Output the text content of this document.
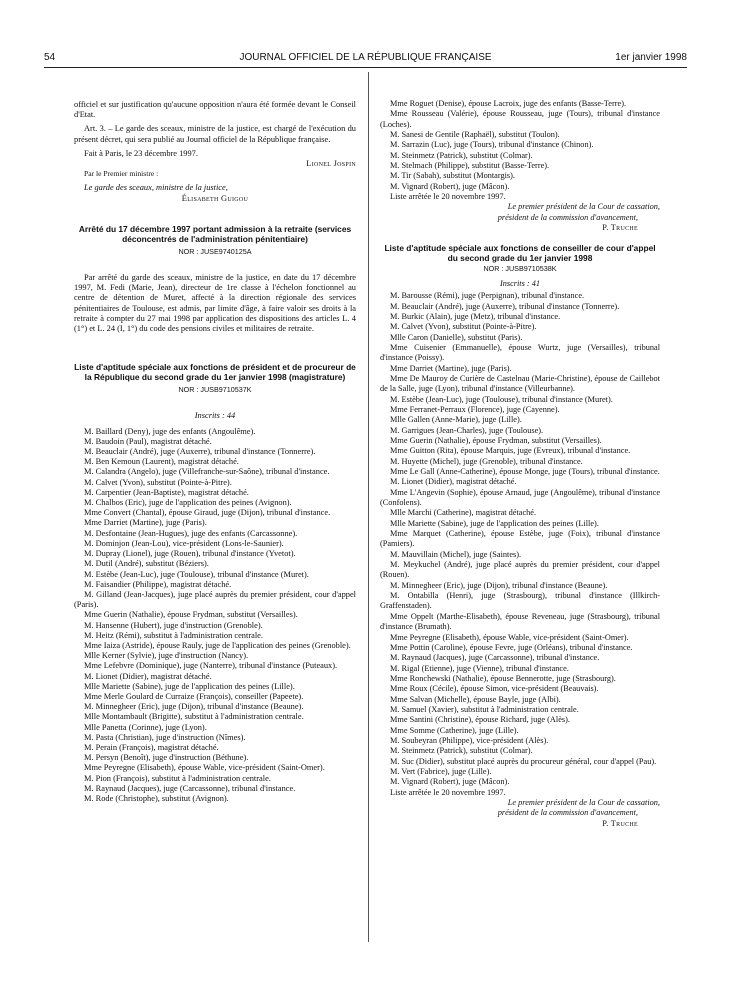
54	JOURNAL OFFICIEL DE LA RÉPUBLIQUE FRANÇAISE	1er janvier 1998

officiel et sur justification qu'aucune opposition n'aura été formée devant le Conseil d'Etat.

Art. 3. – Le garde des sceaux, ministre de la justice, est chargé de l'exécution du présent décret, qui sera publié au Journal officiel de la République française.

Fait à Paris, le 23 décembre 1997.

Lionel Jospin

Par le Premier ministre :

Le garde des sceaux, ministre de la justice,

Élisabeth Guigou

Arrêté du 17 décembre 1997 portant admission à la retraite (services déconcentrés de l'administration pénitentiaire)

NOR : JUSE9740125A

Par arrêté du garde des sceaux, ministre de la justice, en date du 17 décembre 1997, M. Fedi (Marie, Jean), directeur de 1re classe à l'échelon fonctionnel au centre de détention de Muret, affecté à la direction régionale des services pénitentiaires de Toulouse, est admis, par limite d'âge, à faire valoir ses droits à la retraite à compter du 27 mai 1998 par application des dispositions des articles L. 4 (1°) et L. 24 (I, 1°) du code des pensions civiles et militaires de retraite.

Liste d'aptitude spéciale aux fonctions de président et de procureur de la République du second grade du 1er janvier 1998 (magistrature)

NOR : JUSB9710537K

Inscrits : 44

M. Baillard (Deny), juge des enfants (Angoulême).

M. Baudoin (Paul), magistrat détaché.

M. Beauclair (André), juge (Auxerre), tribunal d'instance (Tonnerre).

M. Ben Kemoun (Laurent), magistrat détaché.

M. Calandra (Angelo), juge (Villefranche-sur-Saône), tribunal d'instance.

M. Calvet (Yvon), substitut (Pointe-à-Pitre).

M. Carpentier (Jean-Baptiste), magistrat détaché.

M. Chalbos (Eric), juge de l'application des peines (Avignon).

Mme Convert (Chantal), épouse Giraud, juge (Dijon), tribunal d'instance.

Mme Darriet (Martine), juge (Paris).

M. Desfontaine (Jean-Hugues), juge des enfants (Carcassonne).

M. Dominjon (Jean-Lou), vice-président (Lons-le-Saunier).

M. Dupray (Lionel), juge (Rouen), tribunal d'instance (Yvetot).

M. Dutil (André), substitut (Béziers).

M. Estèbe (Jean-Luc), juge (Toulouse), tribunal d'instance (Muret).

M. Faisandier (Philippe), magistrat détaché.

M. Gilland (Jean-Jacques), juge placé auprès du premier président, cour d'appel (Paris).

Mme Guerin (Nathalie), épouse Frydman, substitut (Versailles).

M. Hansenne (Hubert), juge d'instruction (Grenoble).

M. Heitz (Rémi), substitut à l'administration centrale.

Mme Iaiza (Astride), épouse Rauly, juge de l'application des peines (Grenoble).

Mlle Kerner (Sylvie), juge d'instruction (Nancy).

Mme Lefebvre (Dominique), juge (Nanterre), tribunal d'instance (Puteaux).

M. Lionet (Didier), magistrat détaché.

Mlle Mariette (Sabine), juge de l'application des peines (Lille).

Mme Merle Goulard de Curraize (François), conseiller (Papeete).

M. Minnegheer (Eric), juge (Dijon), tribunal d'instance (Beaune).

Mlle Montambault (Brigitte), substitut à l'administration centrale.

Mlle Panetta (Corinne), juge (Lyon).

M. Pasta (Christian), juge d'instruction (Nîmes).

M. Perain (François), magistrat détaché.

M. Persyn (Benoît), juge d'instruction (Béthune).

Mme Peyregne (Elisabeth), épouse Wable, vice-président (Saint-Omer).

M. Pion (François), substitut à l'administration centrale.

M. Raynaud (Jacques), juge (Carcassonne), tribunal d'instance.

M. Rode (Christophe), substitut (Avignon).

Mme Roguet (Denise), épouse Lacroix, juge des enfants (Basse-Terre).

Mme Rousseau (Valérie), épouse Rousseau, juge (Tours), tribunal d'instance (Loches).

M. Sanesi de Gentile (Raphaël), substitut (Toulon).

M. Sarrazin (Luc), juge (Tours), tribunal d'instance (Chinon).

M. Steinmetz (Patrick), substitut (Colmar).

M. Stelmach (Philippe), substitut (Basse-Terre).

M. Tir (Sabah), substitut (Montargis).

M. Vignard (Robert), juge (Mâcon).

Liste arrêtée le 20 novembre 1997.

Le premier président de la Cour de cassation,

président de la commission d'avancement,

P. Truche

Liste d'aptitude spéciale aux fonctions de conseiller de cour d'appel du second grade du 1er janvier 1998

NOR : JUSB9710538K

Inscrits : 41

M. Barousse (Rémi), juge (Perpignan), tribunal d'instance.

M. Beauclair (André), juge (Auxerre), tribunal d'instance (Tonnerre).

M. Burkic (Alain), juge (Metz), tribunal d'instance.

M. Calvet (Yvon), substitut (Pointe-à-Pitre).

Mlle Caron (Danielle), substitut (Paris).

Mme Cuisenier (Emmanuelle), épouse Wurtz, juge (Versailles), tribunal d'instance (Poissy).

Mme Darriet (Martine), juge (Paris).

Mme De Mauroy de Curière de Castelnau (Marie-Christine), épouse de Caillebot de la Salle, juge (Lyon), tribunal d'instance (Villeurbanne).

M. Estèbe (Jean-Luc), juge (Toulouse), tribunal d'instance (Muret).

Mme Ferranet-Perraux (Florence), juge (Cayenne).

Mlle Gallen (Anne-Marie), juge (Lille).

M. Garrigues (Jean-Charles), juge (Toulouse).

Mme Guerin (Nathalie), épouse Frydman, substitut (Versailles).

Mme Guitton (Rita), épouse Marquis, juge (Evreux), tribunal d'instance.

M. Huyette (Michel), juge (Grenoble), tribunal d'instance.

Mme Le Gall (Anne-Catherine), épouse Monge, juge (Tours), tribunal d'instance.

M. Lionet (Didier), magistrat détaché.

Mme L'Angevin (Sophie), épouse Arnaud, juge (Angoulême), tribunal d'instance (Confolens).

Mlle Marchi (Catherine), magistrat détaché.

Mlle Mariette (Sabine), juge de l'application des peines (Lille).

Mme Marquet (Catherine), épouse Estèbe, juge (Foix), tribunal d'instance (Pamiers).

M. Mauvillain (Michel), juge (Saintes).

M. Meykuchel (André), juge placé auprès du premier président, cour d'appel (Rouen).

M. Minnegheer (Eric), juge (Dijon), tribunal d'instance (Beaune).

M. Ontabilla (Henri), juge (Strasbourg), tribunal d'instance (Illkirch-Graffenstaden).

Mme Oppelt (Marthe-Elisabeth), épouse Reveneau, juge (Strasbourg), tribunal d'instance (Brumath).

Mme Peyregne (Elisabeth), épouse Wable, vice-président (Saint-Omer).

Mme Pottin (Caroline), épouse Fevre, juge (Orléans), tribunal d'instance.

M. Raynaud (Jacques), juge (Carcassonne), tribunal d'instance.

M. Rigal (Etienne), juge (Vienne), tribunal d'instance.

Mme Ronchewski (Nathalie), épouse Bennerotte, juge (Strasbourg).

Mme Roux (Cécile), épouse Simon, vice-président (Beauvais).

Mme Salvan (Michelle), épouse Bayle, juge (Albi).

M. Samuel (Xavier), substitut à l'administration centrale.

Mme Santini (Christine), épouse Richard, juge (Alès).

Mme Somme (Catherine), juge (Lille).

M. Soubeyran (Philippe), vice-président (Alès).

M. Steinmetz (Patrick), substitut (Colmar).

M. Suc (Didier), substitut placé auprès du procureur général, cour d'appel (Pau).

M. Vert (Fabrice), juge (Lille).

M. Vignard (Robert), juge (Mâcon).

Liste arrêtée le 20 novembre 1997.

Le premier président de la Cour de cassation,

président de la commission d'avancement,

P. Truche
